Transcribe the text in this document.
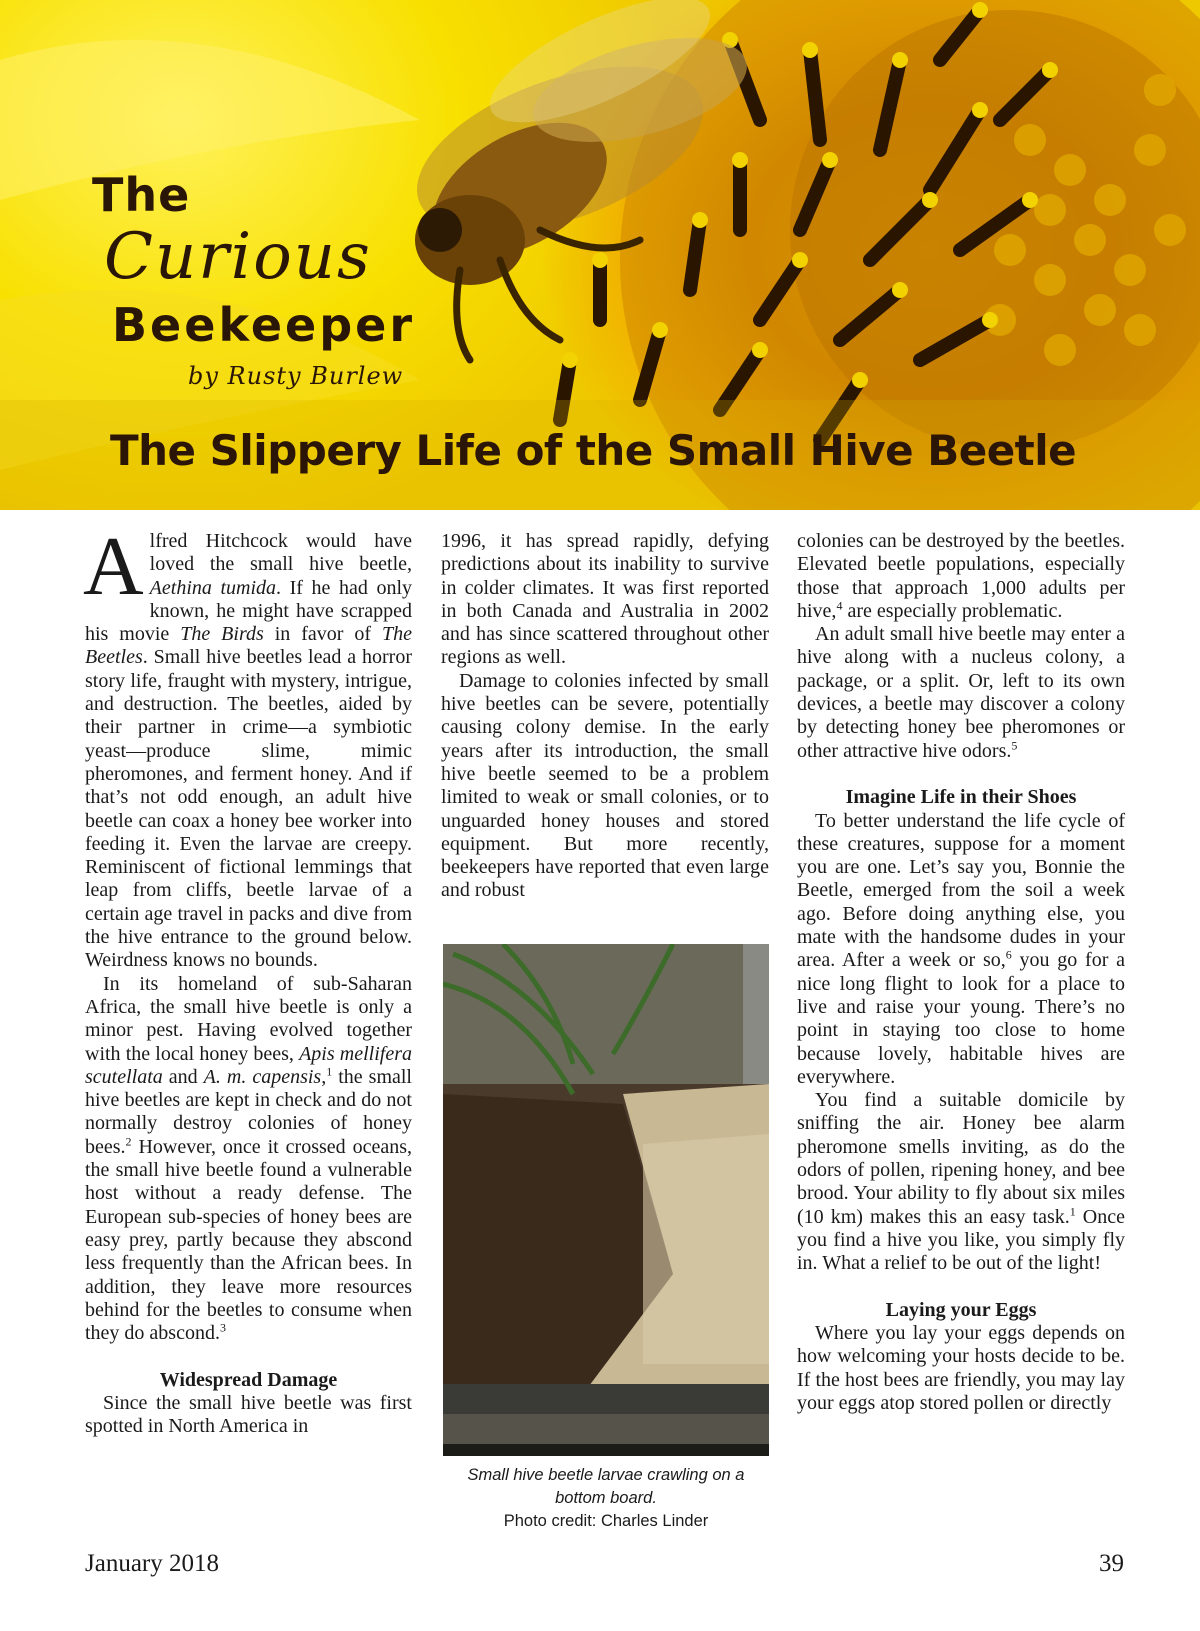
The
Curious
Beekeeper
by Rusty Burlew
The Slippery Life of the Small Hive Beetle

Alfred Hitchcock would have loved the small hive beetle, Aethina tumida. If he had only known, he might have scrapped his movie The Birds in favor of The Beetles. Small hive beetles lead a horror story life, fraught with mystery, intrigue, and destruction. The beetles, aided by their partner in crime—a symbiotic yeast—produce slime, mimic pheromones, and ferment honey. And if that’s not odd enough, an adult hive beetle can coax a honey bee worker into feeding it. Even the larvae are creepy. Reminiscent of fictional lemmings that leap from cliffs, beetle larvae of a certain age travel in packs and dive from the hive entrance to the ground below. Weirdness knows no bounds.

In its homeland of sub-Saharan Africa, the small hive beetle is only a minor pest. Having evolved together with the local honey bees, Apis mellifera scutellata and A. m. capensis,$^1$ the small hive beetles are kept in check and do not normally destroy colonies of honey bees.$^2$ However, once it crossed oceans, the small hive beetle found a vulnerable host without a ready defense. The European sub-species of honey bees are easy prey, partly because they abscond less frequently than the African bees. In addition, they leave more resources behind for the beetles to consume when they do abscond.$^3$

Widespread Damage

Since the small hive beetle was first spotted in North America in

1996, it has spread rapidly, defying predictions about its inability to survive in colder climates. It was first reported in both Canada and Australia in 2002 and has since scattered throughout other regions as well.

Damage to colonies infected by small hive beetles can be severe, potentially causing colony demise. In the early years after its introduction, the small hive beetle seemed to be a problem limited to weak or small colonies, or to unguarded honey houses and stored equipment. But more recently, beekeepers have reported that even large and robust

Small hive beetle larvae crawling on a bottom board.
Photo credit: Charles Linder

colonies can be destroyed by the beetles. Elevated beetle populations, especially those that approach 1,000 adults per hive,$^4$ are especially problematic.

An adult small hive beetle may enter a hive along with a nucleus colony, a package, or a split. Or, left to its own devices, a beetle may discover a colony by detecting honey bee pheromones or other attractive hive odors.$^5$

Imagine Life in their Shoes

To better understand the life cycle of these creatures, suppose for a moment you are one. Let’s say you, Bonnie the Beetle, emerged from the soil a week ago. Before doing anything else, you mate with the handsome dudes in your area. After a week or so,$^6$ you go for a nice long flight to look for a place to live and raise your young. There’s no point in staying too close to home because lovely, habitable hives are everywhere.

You find a suitable domicile by sniffing the air. Honey bee alarm pheromone smells inviting, as do the odors of pollen, ripening honey, and bee brood. Your ability to fly about six miles (10 km) makes this an easy task.$^1$ Once you find a hive you like, you simply fly in. What a relief to be out of the light!

Laying your Eggs

Where you lay your eggs depends on how welcoming your hosts decide to be. If the host bees are friendly, you may lay your eggs atop stored pollen or directly

January 2018	39
